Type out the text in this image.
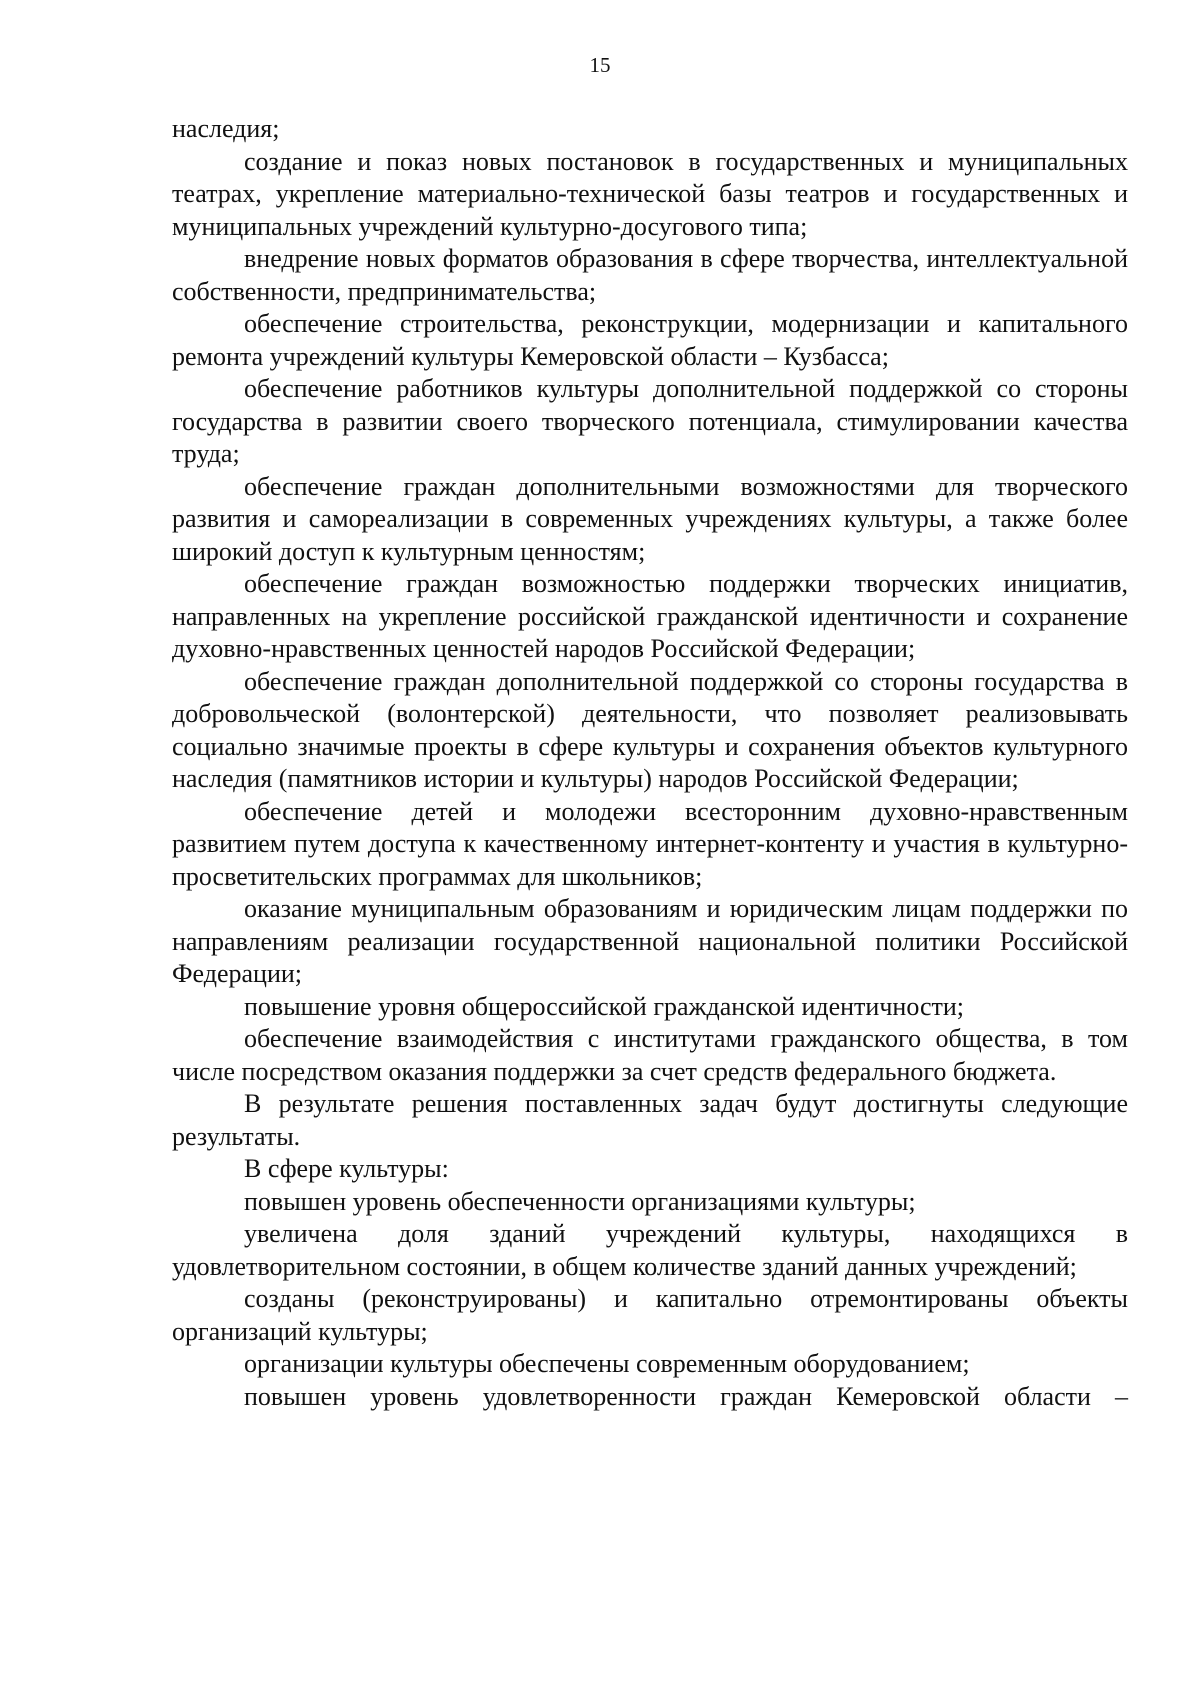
15

наследия;

создание и показ новых постановок в государственных и муниципальных театрах, укрепление материально-технической базы театров и государственных и муниципальных учреждений культурно-досугового типа;

внедрение новых форматов образования в сфере творчества, интеллектуальной собственности, предпринимательства;

обеспечение строительства, реконструкции, модернизации и капитального ремонта учреждений культуры Кемеровской области – Кузбасса;

обеспечение работников культуры дополнительной поддержкой со стороны государства в развитии своего творческого потенциала, стимулировании качества труда;

обеспечение граждан дополнительными возможностями для творческого развития и самореализации в современных учреждениях культуры, а также более широкий доступ к культурным ценностям;

обеспечение граждан возможностью поддержки творческих инициатив, направленных на укрепление российской гражданской идентичности и сохранение духовно-нравственных ценностей народов Российской Федерации;

обеспечение граждан дополнительной поддержкой со стороны государства в добровольческой (волонтерской) деятельности, что позволяет реализовывать социально значимые проекты в сфере культуры и сохранения объектов культурного наследия (памятников истории и культуры) народов Российской Федерации;

обеспечение детей и молодежи всесторонним духовно-нравственным развитием путем доступа к качественному интернет-контенту и участия в культурно-просветительских программах для школьников;

оказание муниципальным образованиям и юридическим лицам поддержки по направлениям реализации государственной национальной политики Российской Федерации;

повышение уровня общероссийской гражданской идентичности;

обеспечение взаимодействия с институтами гражданского общества, в том числе посредством оказания поддержки за счет средств федерального бюджета.

В результате решения поставленных задач будут достигнуты следующие результаты.

В сфере культуры:

повышен уровень обеспеченности организациями культуры;

увеличена доля зданий учреждений культуры, находящихся в удовлетворительном состоянии, в общем количестве зданий данных учреждений;

созданы (реконструированы) и капитально отремонтированы объекты организаций культуры;

организации культуры обеспечены современным оборудованием;

повышен уровень удовлетворенности граждан Кемеровской области –
